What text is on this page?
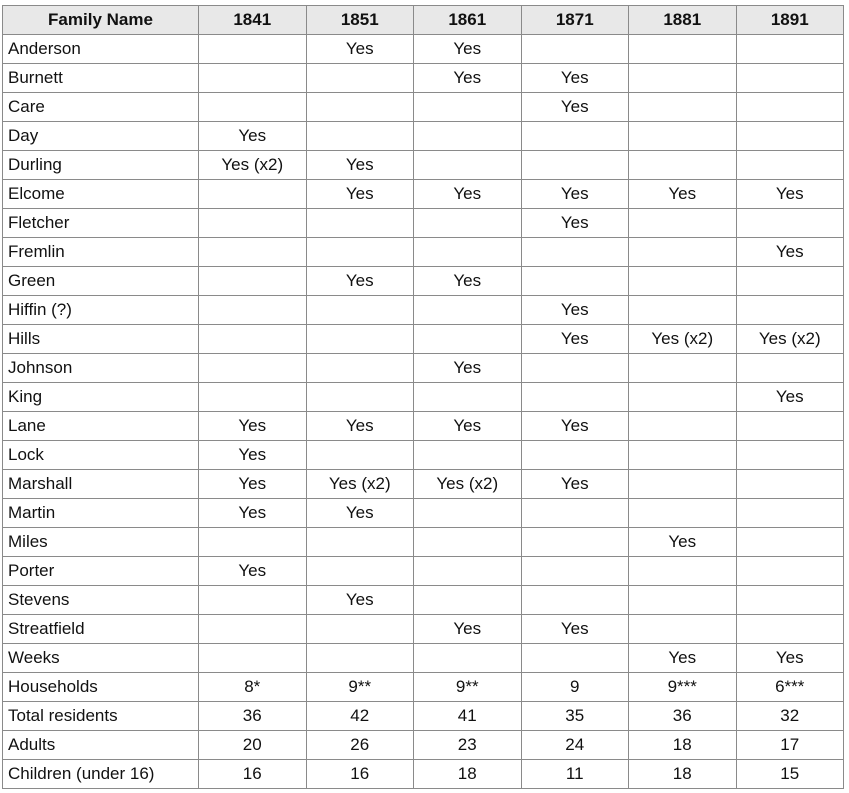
Family Name	1841	1851	1861	1871	1881	1891
Anderson		Yes	Yes			
Burnett			Yes	Yes		
Care				Yes		
Day	Yes					
Durling	Yes (x2)	Yes				
Elcome		Yes	Yes	Yes	Yes	Yes
Fletcher				Yes		
Fremlin						Yes
Green		Yes	Yes			
Hiffin (?)				Yes		
Hills				Yes	Yes (x2)	Yes (x2)
Johnson			Yes			
King						Yes
Lane	Yes	Yes	Yes	Yes		
Lock	Yes					
Marshall	Yes	Yes (x2)	Yes (x2)	Yes		
Martin	Yes	Yes				
Miles					Yes	
Porter	Yes					
Stevens		Yes				
Streatfield			Yes	Yes		
Weeks					Yes	Yes
Households	8*	9**	9**	9	9***	6***
Total residents	36	42	41	35	36	32
Adults	20	26	23	24	18	17
Children (under 16)	16	16	18	11	18	15
